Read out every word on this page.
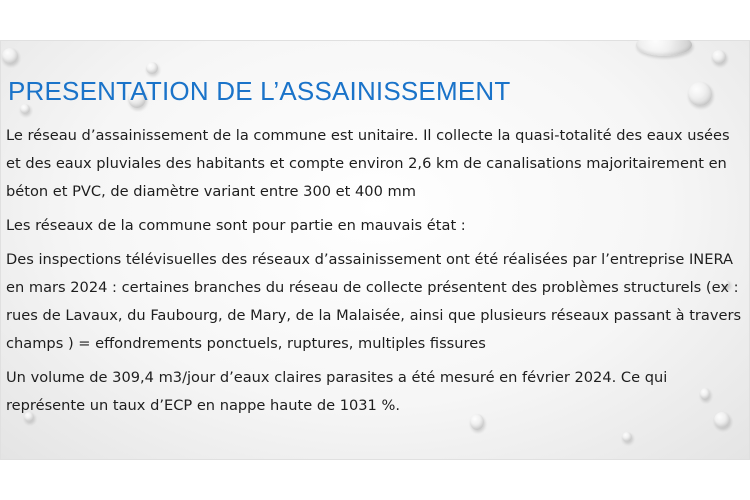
PRESENTATION DE L’ASSAINISSEMENT

Le réseau d’assainissement de la commune est unitaire. Il collecte la quasi-totalité des eaux usées et des eaux pluviales des habitants et compte environ 2,6 km de canalisations majoritairement en béton et PVC, de diamètre variant entre 300 et 400 mm

Les réseaux de la commune sont pour partie en mauvais état :

Des inspections télévisuelles des réseaux d’assainissement ont été réalisées par l’entreprise INERA en mars 2024 : certaines branches du réseau de collecte présentent des problèmes structurels (ex : rues de Lavaux, du Faubourg, de Mary, de la Malaisée, ainsi que plusieurs réseaux passant à travers champs ) = effondrements ponctuels, ruptures, multiples fissures

Un volume de 309,4 m3/jour d’eaux claires parasites a été mesuré en février 2024. Ce qui représente un taux d’ECP en nappe haute de 1031 %.
